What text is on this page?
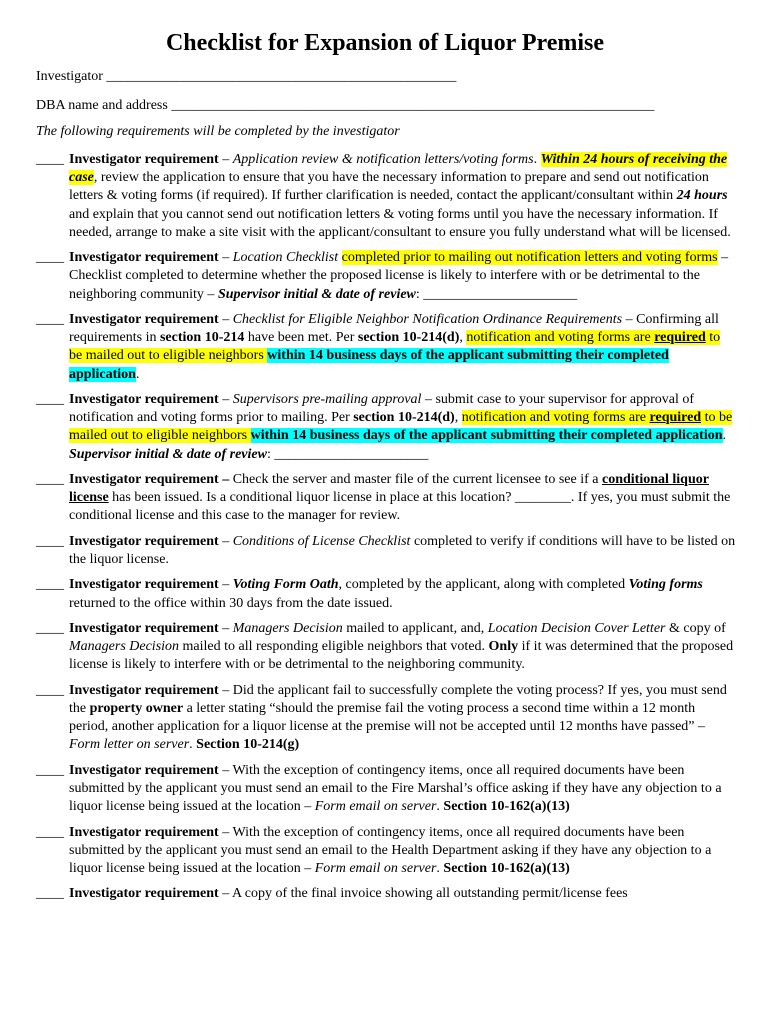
Checklist for Expansion of Liquor Premise
Investigator __________________________________________________
DBA name and address _____________________________________________________________________
The following requirements will be completed by the investigator
____ Investigator requirement – Application review & notification letters/voting forms. Within 24 hours of receiving the case, review the application to ensure that you have the necessary information to prepare and send out notification letters & voting forms (if required). If further clarification is needed, contact the applicant/consultant within 24 hours and explain that you cannot send out notification letters & voting forms until you have the necessary information. If needed, arrange to make a site visit with the applicant/consultant to ensure you fully understand what will be licensed.
____ Investigator requirement – Location Checklist completed prior to mailing out notification letters and voting forms – Checklist completed to determine whether the proposed license is likely to interfere with or be detrimental to the neighboring community – Supervisor initial & date of review: ______________________
____ Investigator requirement – Checklist for Eligible Neighbor Notification Ordinance Requirements – Confirming all requirements in section 10-214 have been met. Per section 10-214(d), notification and voting forms are required to be mailed out to eligible neighbors within 14 business days of the applicant submitting their completed application.
____ Investigator requirement – Supervisors pre-mailing approval – submit case to your supervisor for approval of notification and voting forms prior to mailing. Per section 10-214(d), notification and voting forms are required to be mailed out to eligible neighbors within 14 business days of the applicant submitting their completed application. Supervisor initial & date of review: ______________________
____ Investigator requirement – Check the server and master file of the current licensee to see if a conditional liquor license has been issued. Is a conditional liquor license in place at this location? ________. If yes, you must submit the conditional license and this case to the manager for review.
____ Investigator requirement – Conditions of License Checklist completed to verify if conditions will have to be listed on the liquor license.
____ Investigator requirement – Voting Form Oath, completed by the applicant, along with completed Voting forms returned to the office within 30 days from the date issued.
____ Investigator requirement – Managers Decision mailed to applicant, and, Location Decision Cover Letter & copy of Managers Decision mailed to all responding eligible neighbors that voted. Only if it was determined that the proposed license is likely to interfere with or be detrimental to the neighboring community.
____ Investigator requirement – Did the applicant fail to successfully complete the voting process? If yes, you must send the property owner a letter stating “should the premise fail the voting process a second time within a 12 month period, another application for a liquor license at the premise will not be accepted until 12 months have passed” – Form letter on server. Section 10-214(g)
____ Investigator requirement – With the exception of contingency items, once all required documents have been submitted by the applicant you must send an email to the Fire Marshal’s office asking if they have any objection to a liquor license being issued at the location – Form email on server. Section 10-162(a)(13)
____ Investigator requirement – With the exception of contingency items, once all required documents have been submitted by the applicant you must send an email to the Health Department asking if they have any objection to a liquor license being issued at the location – Form email on server. Section 10-162(a)(13)
____ Investigator requirement – A copy of the final invoice showing all outstanding permit/license fees
